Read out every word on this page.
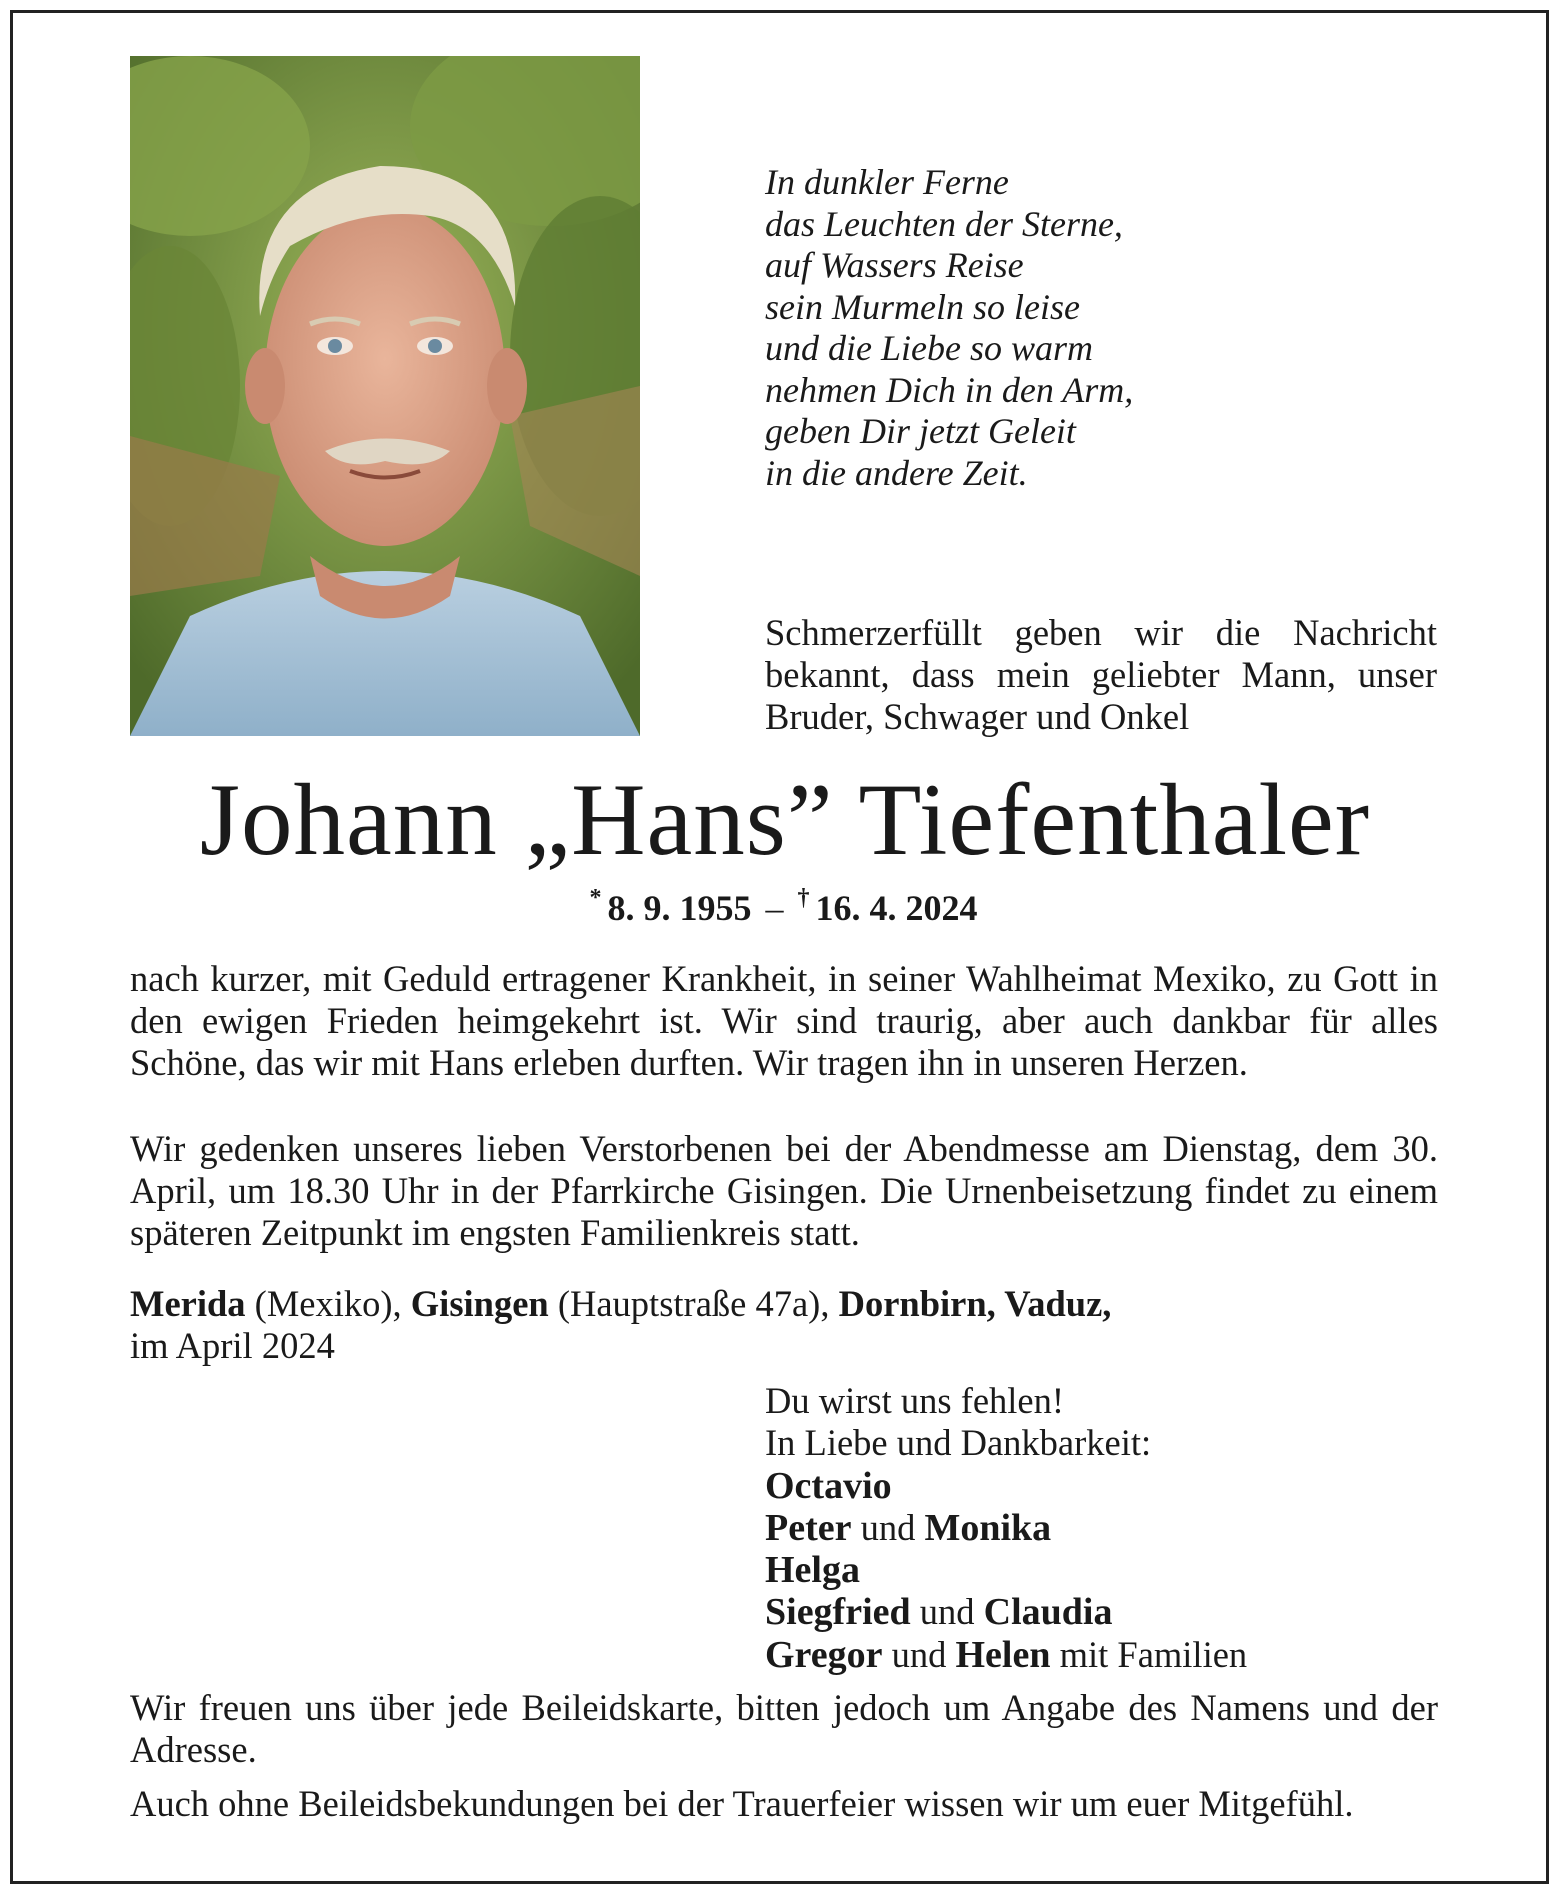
In dunkler Ferne
das Leuchten der Sterne,
auf Wassers Reise
sein Murmeln so leise
und die Liebe so warm
nehmen Dich in den Arm,
geben Dir jetzt Geleit
in die andere Zeit.
Schmerzerfüllt geben wir die Nachricht bekannt, dass mein geliebter Mann, unser Bruder, Schwager und Onkel
Johann „Hans” Tiefenthaler
* 8. 9. 1955 – † 16. 4. 2024
nach kurzer, mit Geduld ertragener Krankheit, in seiner Wahlheimat Mexiko, zu Gott in den ewigen Frieden heimgekehrt ist. Wir sind traurig, aber auch dankbar für alles Schöne, das wir mit Hans erleben durften. Wir tragen ihn in unseren Herzen.
Wir gedenken unseres lieben Verstorbenen bei der Abendmesse am Dienstag, dem 30. April, um 18.30 Uhr in der Pfarrkirche Gisingen. Die Urnenbeisetzung findet zu einem späteren Zeitpunkt im engsten Familienkreis statt.
Merida (Mexiko), Gisingen (Hauptstraße 47a), Dornbirn, Vaduz,
im April 2024
Du wirst uns fehlen!
In Liebe und Dankbarkeit:
Octavio
Peter und Monika
Helga
Siegfried und Claudia
Gregor und Helen mit Familien
Wir freuen uns über jede Beileidskarte, bitten jedoch um Angabe des Namens und der Adresse.
Auch ohne Beileidsbekundungen bei der Trauerfeier wissen wir um euer Mitgefühl.
